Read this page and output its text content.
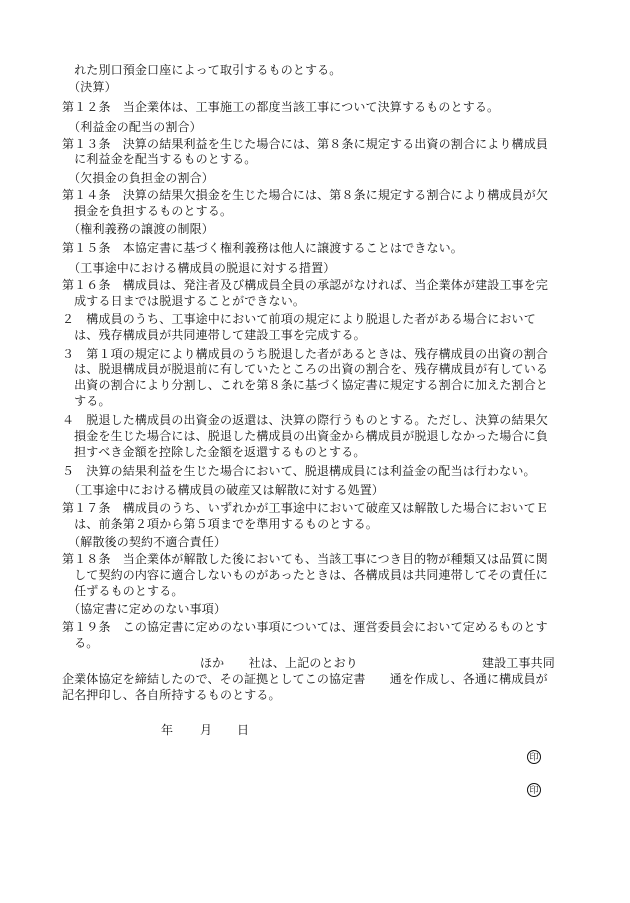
　れた別口預金口座によって取引するものとする。
　（決算）
第１２条　当企業体は、工事施工の都度当該工事について決算するものとする。
　（利益金の配当の割合）
第１３条　決算の結果利益を生じた場合には、第８条に規定する出資の割合により構成員
　に利益金を配当するものとする。
　（欠損金の負担金の割合）
第１４条　決算の結果欠損金を生じた場合には、第８条に規定する割合により構成員が欠
　損金を負担するものとする。
　（権利義務の譲渡の制限）
第１５条　本協定書に基づく権利義務は他人に譲渡することはできない。
　（工事途中における構成員の脱退に対する措置）
第１６条　構成員は、発注者及び構成員全員の承認がなければ、当企業体が建設工事を完
　成する日までは脱退することができない。
２　構成員のうち、工事途中において前項の規定により脱退した者がある場合において
　は、残存構成員が共同連帯して建設工事を完成する。
３　第１項の規定により構成員のうち脱退した者があるときは、残存構成員の出資の割合
　は、脱退構成員が脱退前に有していたところの出資の割合を、残存構成員が有している
　出資の割合により分割し、これを第８条に基づく協定書に規定する割合に加えた割合と
　する。
４　脱退した構成員の出資金の返還は、決算の際行うものとする。ただし、決算の結果欠
　損金を生じた場合には、脱退した構成員の出資金から構成員が脱退しなかった場合に負
　担すべき金額を控除した金額を返還するものとする。
５　決算の結果利益を生じた場合において、脱退構成員には利益金の配当は行わない。
　（工事途中における構成員の破産又は解散に対する処置）
第１７条　構成員のうち、いずれかが工事途中において破産又は解散した場合においてＥ
　は、前条第２項から第５項までを準用するものとする。
　（解散後の契約不適合責任）
第１８条　当企業体が解散した後においても、当該工事につき目的物が種類又は品質に関
　して契約の内容に適合しないものがあったときは、各構成員は共同連帯してその責任に
　任ずるものとする。
　（協定書に定めのない事項）
第１９条　この協定書に定めのない事項については、運営委員会において定めるものとす
　る。
ほか　　社は、上記のとおり	建設工事共同
企業体協定を締結したので、その証拠としてこの協定書　　通を作成し、各通に構成員が
記名押印し、各自所持するものとする。
年 月 日
印
印
